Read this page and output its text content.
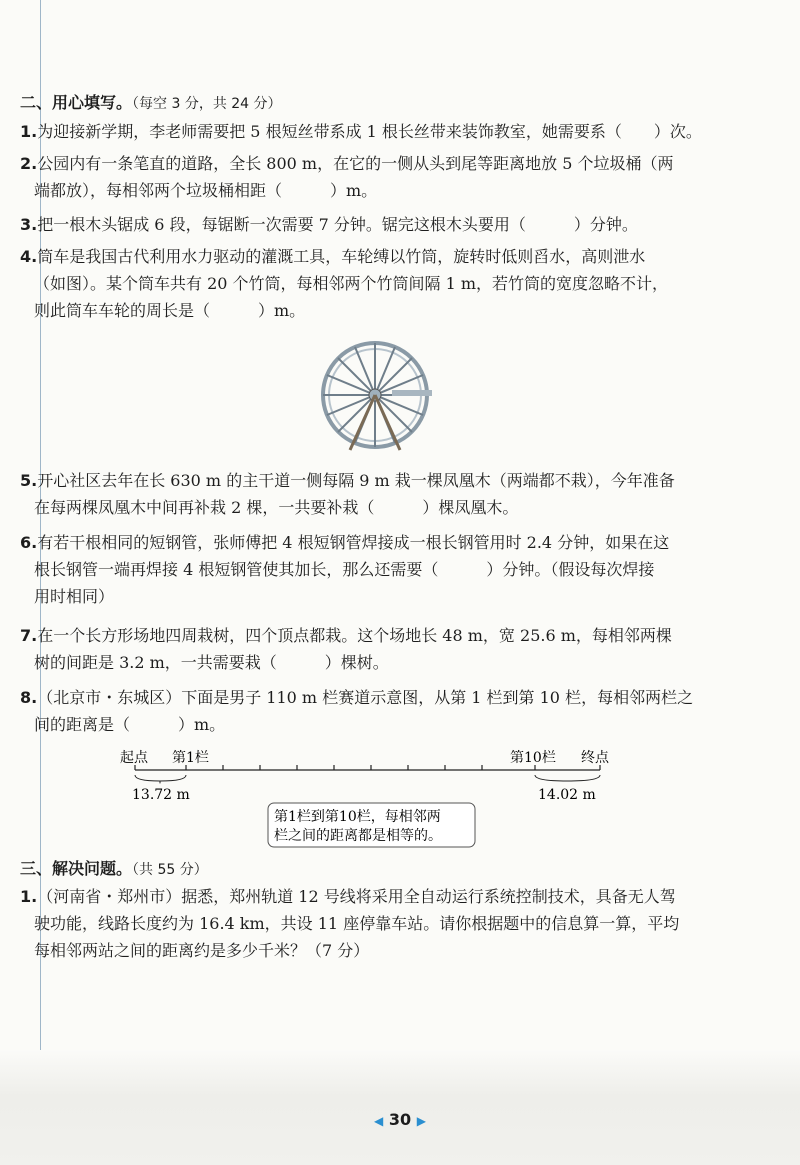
二、用心填写。（每空 3 分，共 24 分）

1.为迎接新学期，李老师需要把 5 根短丝带系成 1 根长丝带来装饰教室，她需要系（　　）次。

2.公园内有一条笔直的道路，全长 800 m，在它的一侧从头到尾等距离地放 5 个垃圾桶（两

端都放），每相邻两个垃圾桶相距（　　　）m。

3.把一根木头锯成 6 段，每锯断一次需要 7 分钟。锯完这根木头要用（　　　）分钟。

4.筒车是我国古代利用水力驱动的灌溉工具，车轮缚以竹筒，旋转时低则舀水，高则泄水

（如图）。某个筒车共有 20 个竹筒，每相邻两个竹筒间隔 1 m，若竹筒的宽度忽略不计，

则此筒车车轮的周长是（　　　）m。

5.开心社区去年在长 630 m 的主干道一侧每隔 9 m 栽一棵凤凰木（两端都不栽），今年准备

在每两棵凤凰木中间再补栽 2 棵，一共要补栽（　　　）棵凤凰木。

6.有若干根相同的短钢管，张师傅把 4 根短钢管焊接成一根长钢管用时 2.4 分钟，如果在这

根长钢管一端再焊接 4 根短钢管使其加长，那么还需要（　　　）分钟。（假设每次焊接

用时相同）

7.在一个长方形场地四周栽树，四个顶点都栽。这个场地长 48 m，宽 25.6 m，每相邻两棵

树的间距是 3.2 m，一共需要栽（　　　）棵树。

8.（北京市・东城区）下面是男子 110 m 栏赛道示意图，从第 1 栏到第 10 栏，每相邻两栏之

间的距离是（　　　）m。

起点 第1栏	第10栏 终点
13.72 m	14.02 m
第1栏到第10栏，每相邻两
栏之间的距离都是相等的。
三、解决问题。（共 55 分）

1.（河南省・郑州市）据悉，郑州轨道 12 号线将采用全自动运行系统控制技术，具备无人驾

驶功能，线路长度约为 16.4 km，共设 11 座停靠车站。请你根据题中的信息算一算，平均

每相邻两站之间的距离约是多少千米？（7 分）

◀ 30 ▶
